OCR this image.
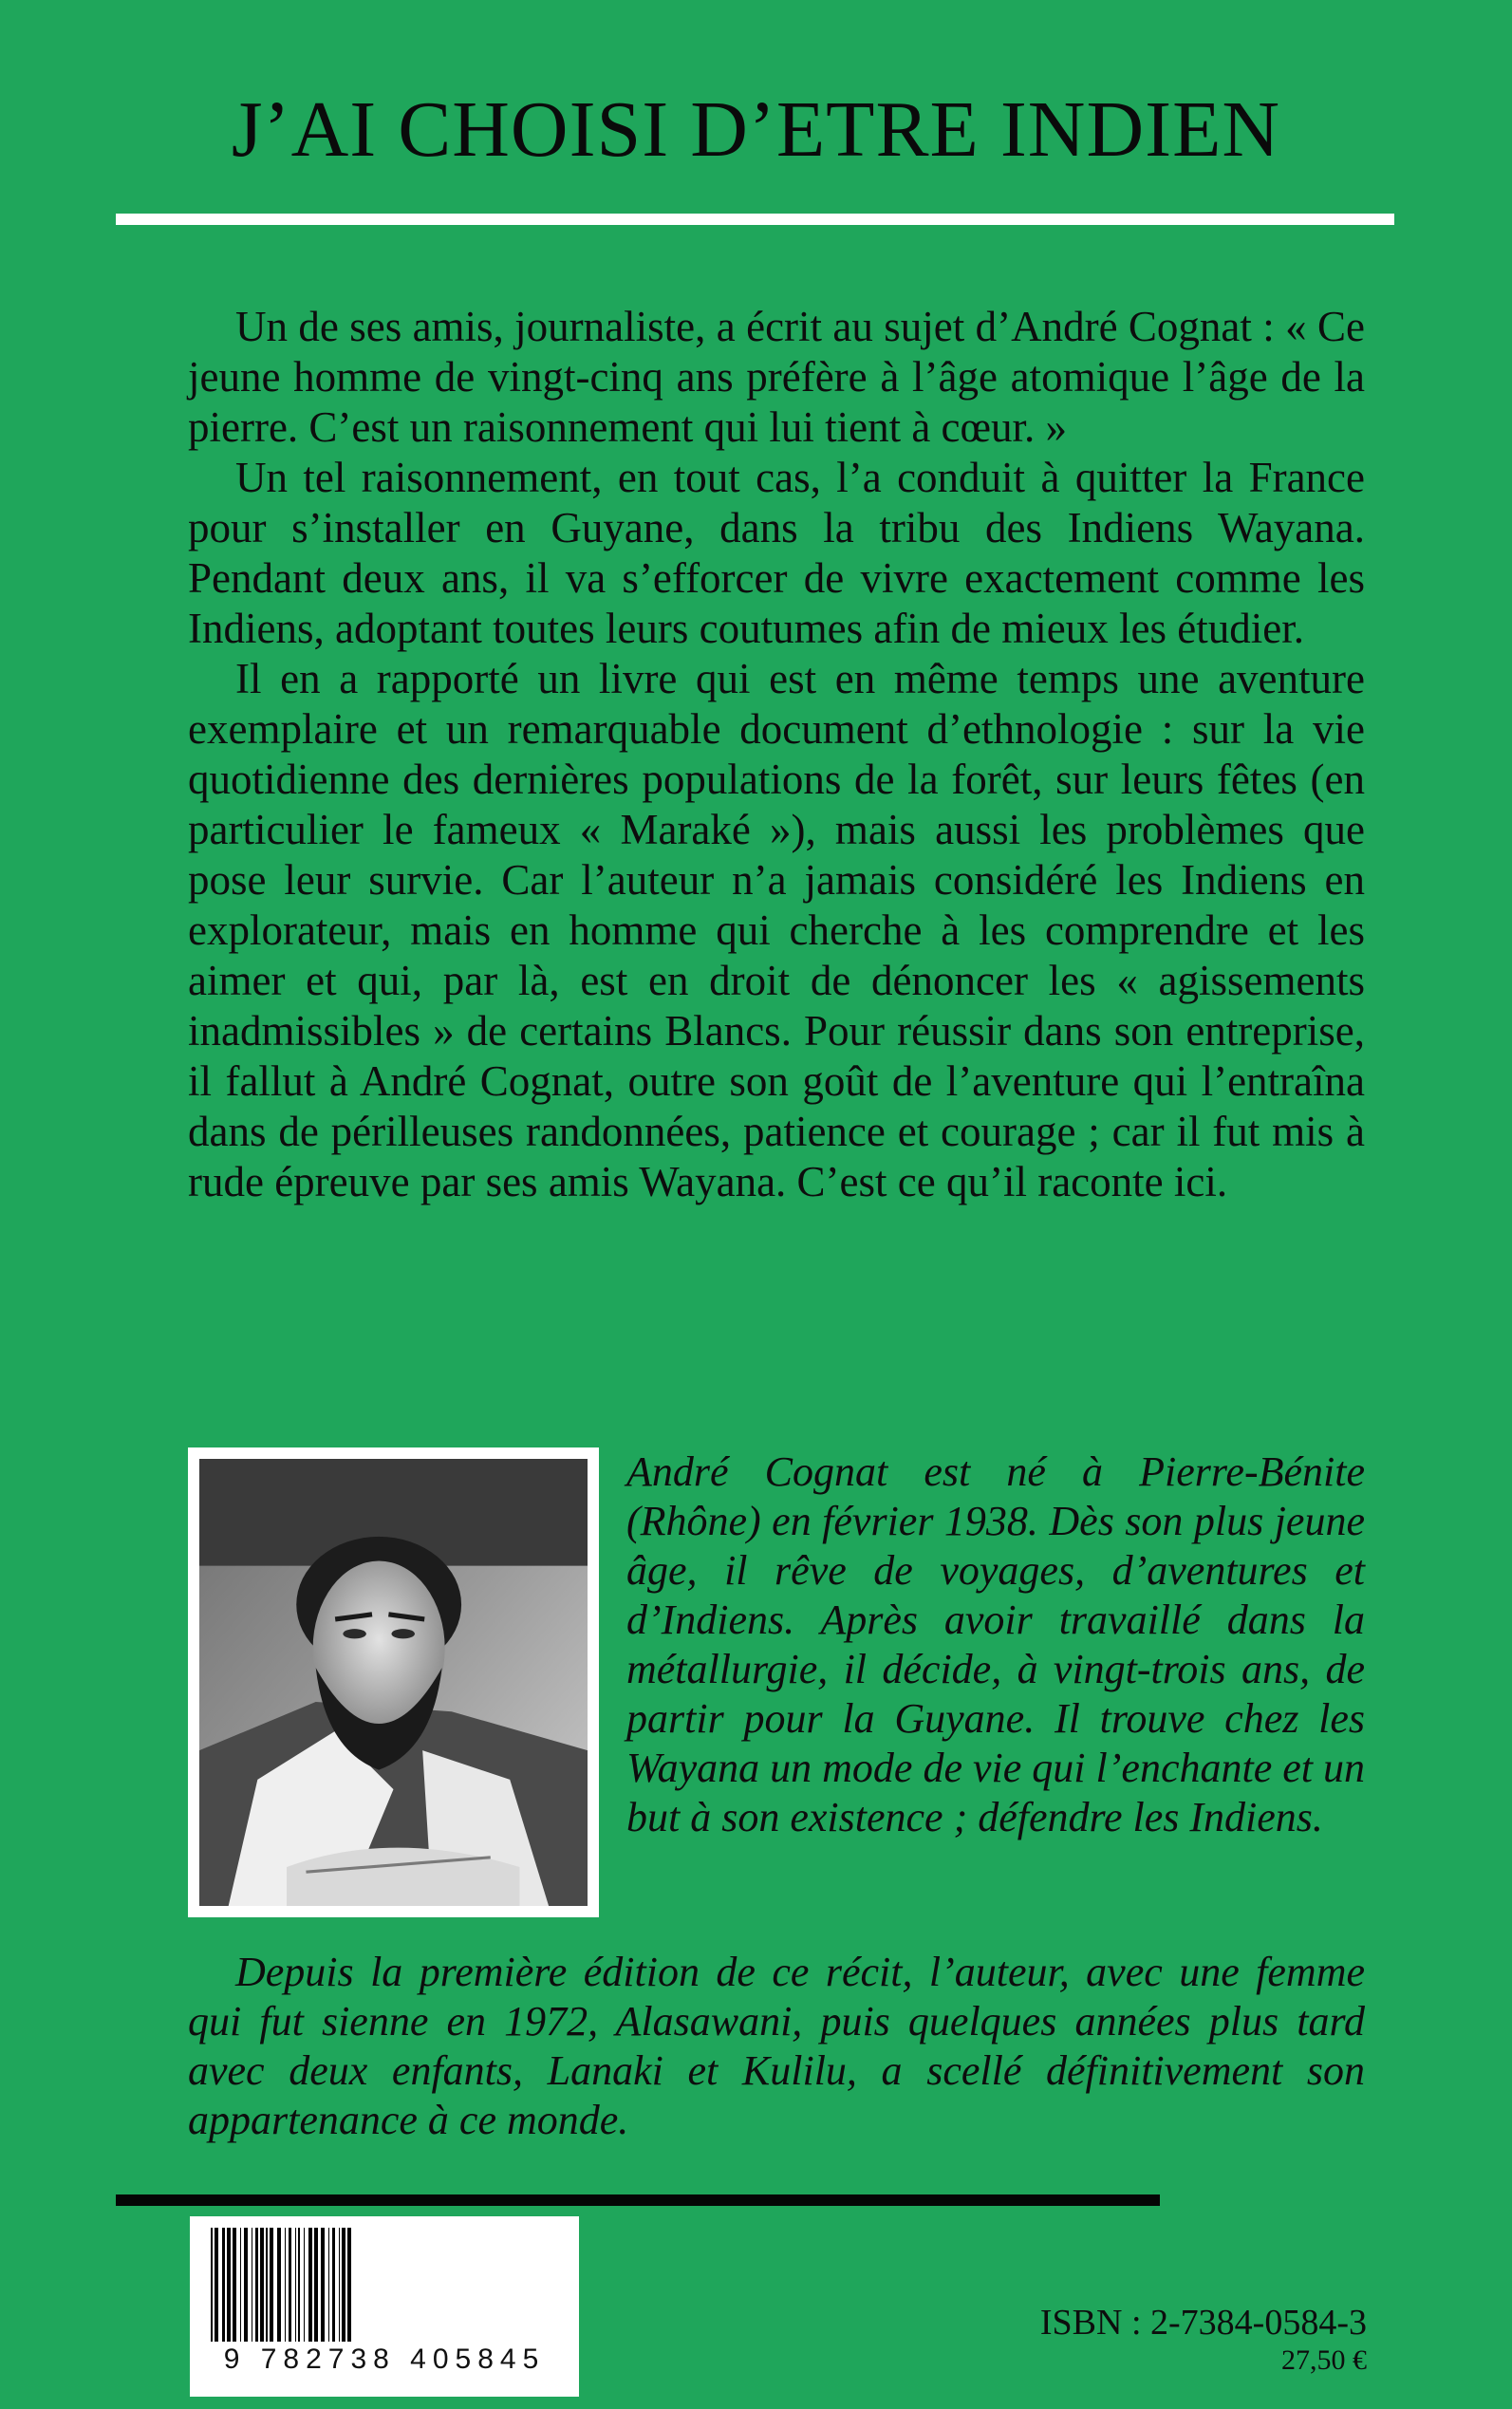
J’AI CHOISI D’ETRE INDIEN

Un de ses amis, journaliste, a écrit au sujet d’André Cognat : « Ce jeune homme de vingt-cinq ans préfère à l’âge atomique l’âge de la pierre. C’est un raisonnement qui lui tient à cœur. »

Un tel raisonnement, en tout cas, l’a conduit à quitter la France pour s’installer en Guyane, dans la tribu des Indiens Wayana. Pendant deux ans, il va s’efforcer de vivre exactement comme les Indiens, adoptant toutes leurs coutumes afin de mieux les étudier.

Il en a rapporté un livre qui est en même temps une aventure exemplaire et un remarquable document d’ethnologie : sur la vie quotidienne des dernières populations de la forêt, sur leurs fêtes (en particulier le fameux « Maraké »), mais aussi les problèmes que pose leur survie. Car l’auteur n’a jamais considéré les Indiens en explorateur, mais en homme qui cherche à les comprendre et les aimer et qui, par là, est en droit de dénoncer les « agissements inadmissibles » de certains Blancs. Pour réussir dans son entreprise, il fallut à André Cognat, outre son goût de l’aventure qui l’entraîna dans de périlleuses randonnées, patience et courage ; car il fut mis à rude épreuve par ses amis Wayana. C’est ce qu’il raconte ici.

André Cognat est né à Pierre-Bénite (Rhône) en février 1938. Dès son plus jeune âge, il rêve de voyages, d’aventures et d’Indiens. Après avoir travaillé dans la métallurgie, il décide, à vingt-trois ans, de partir pour la Guyane. Il trouve chez les Wayana un mode de vie qui l’enchante et un but à son existence ; défendre les Indiens.

Depuis la première édition de ce récit, l’auteur, avec une femme qui fut sienne en 1972, Alasawani, puis quelques années plus tard avec deux enfants, Lanaki et Kulilu, a scellé définitivement son appartenance à ce monde.

9 782738 405845

ISBN : 2-7384-0584-3

27,50 €
